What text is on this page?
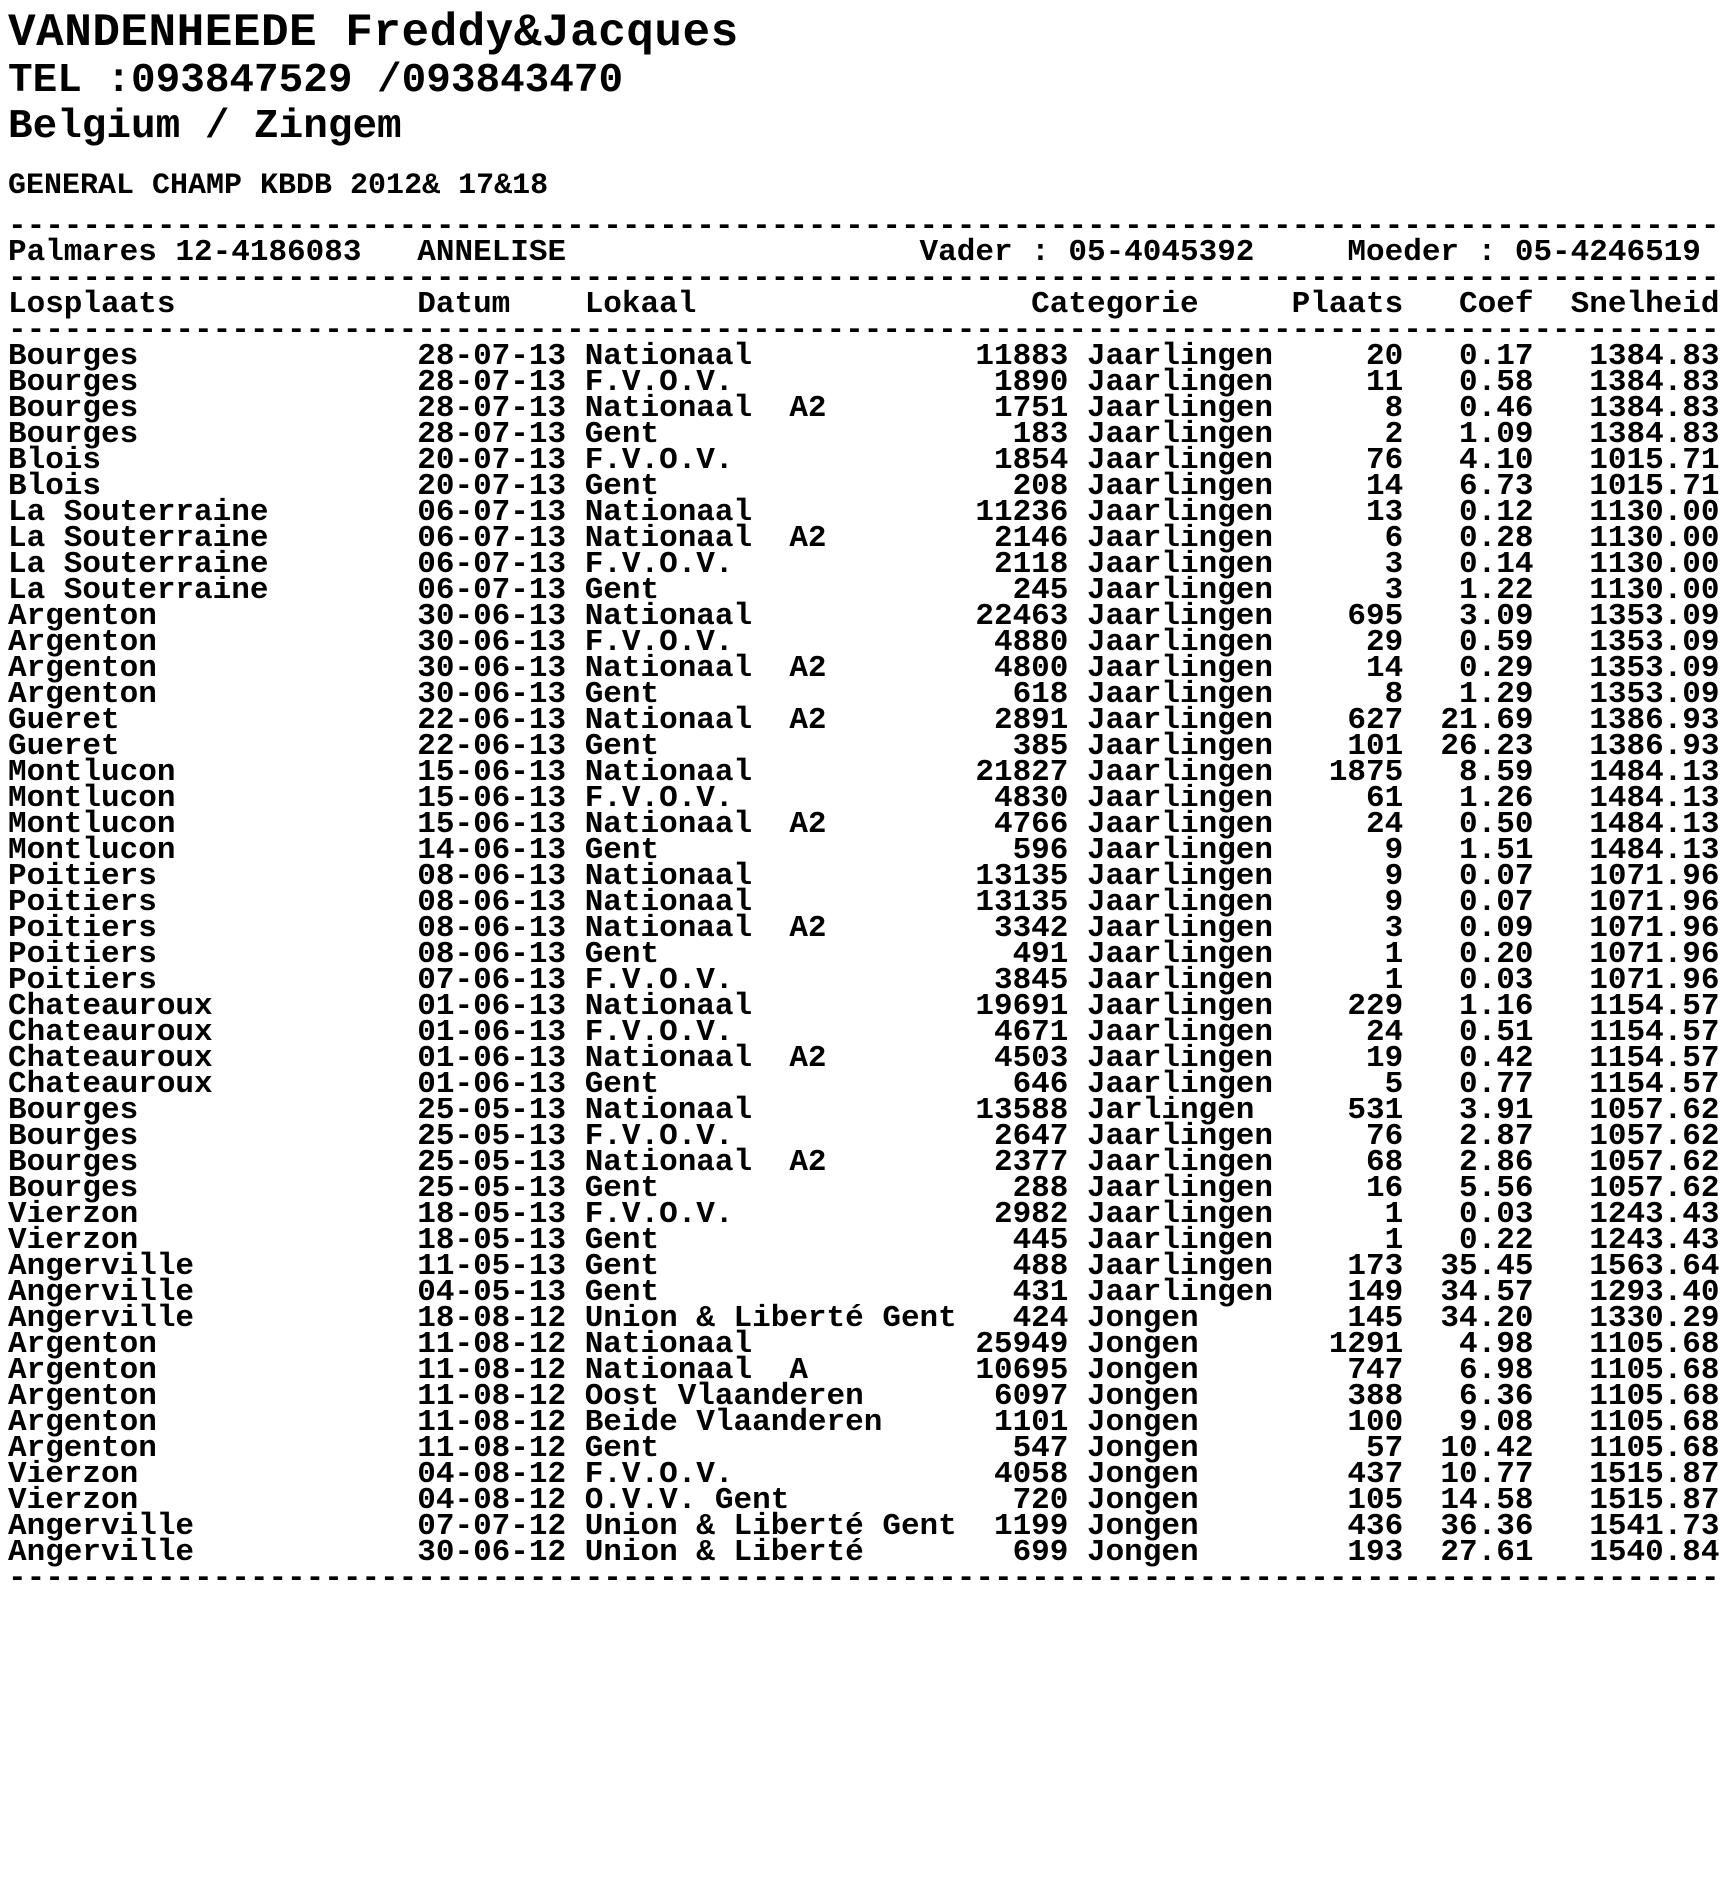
VANDENHEEDE Freddy&Jacques
TEL :093847529 /093843470
Belgium / Zingem
GENERAL CHAMP KBDB 2012& 17&18
--------------------------------------------------------------------------------------------
Palmares 12-4186083   ANNELISE                   Vader : 05-4045392     Moeder : 05-4246519
--------------------------------------------------------------------------------------------
Losplaats             Datum    Lokaal                  Categorie     Plaats   Coef  Snelheid
--------------------------------------------------------------------------------------------
Bourges               28-07-13 Nationaal            11883 Jaarlingen     20   0.17   1384.83
Bourges               28-07-13 F.V.O.V.              1890 Jaarlingen     11   0.58   1384.83
Bourges               28-07-13 Nationaal  A2         1751 Jaarlingen      8   0.46   1384.83
Bourges               28-07-13 Gent                   183 Jaarlingen      2   1.09   1384.83
Blois                 20-07-13 F.V.O.V.              1854 Jaarlingen     76   4.10   1015.71
Blois                 20-07-13 Gent                   208 Jaarlingen     14   6.73   1015.71
La Souterraine        06-07-13 Nationaal            11236 Jaarlingen     13   0.12   1130.00
La Souterraine        06-07-13 Nationaal  A2         2146 Jaarlingen      6   0.28   1130.00
La Souterraine        06-07-13 F.V.O.V.              2118 Jaarlingen      3   0.14   1130.00
La Souterraine        06-07-13 Gent                   245 Jaarlingen      3   1.22   1130.00
Argenton              30-06-13 Nationaal            22463 Jaarlingen    695   3.09   1353.09
Argenton              30-06-13 F.V.O.V.              4880 Jaarlingen     29   0.59   1353.09
Argenton              30-06-13 Nationaal  A2         4800 Jaarlingen     14   0.29   1353.09
Argenton              30-06-13 Gent                   618 Jaarlingen      8   1.29   1353.09
Gueret                22-06-13 Nationaal  A2         2891 Jaarlingen    627  21.69   1386.93
Gueret                22-06-13 Gent                   385 Jaarlingen    101  26.23   1386.93
Montlucon             15-06-13 Nationaal            21827 Jaarlingen   1875   8.59   1484.13
Montlucon             15-06-13 F.V.O.V.              4830 Jaarlingen     61   1.26   1484.13
Montlucon             15-06-13 Nationaal  A2         4766 Jaarlingen     24   0.50   1484.13
Montlucon             14-06-13 Gent                   596 Jaarlingen      9   1.51   1484.13
Poitiers              08-06-13 Nationaal            13135 Jaarlingen      9   0.07   1071.96
Poitiers              08-06-13 Nationaal            13135 Jaarlingen      9   0.07   1071.96
Poitiers              08-06-13 Nationaal  A2         3342 Jaarlingen      3   0.09   1071.96
Poitiers              08-06-13 Gent                   491 Jaarlingen      1   0.20   1071.96
Poitiers              07-06-13 F.V.O.V.              3845 Jaarlingen      1   0.03   1071.96
Chateauroux           01-06-13 Nationaal            19691 Jaarlingen    229   1.16   1154.57
Chateauroux           01-06-13 F.V.O.V.              4671 Jaarlingen     24   0.51   1154.57
Chateauroux           01-06-13 Nationaal  A2         4503 Jaarlingen     19   0.42   1154.57
Chateauroux           01-06-13 Gent                   646 Jaarlingen      5   0.77   1154.57
Bourges               25-05-13 Nationaal            13588 Jarlingen     531   3.91   1057.62
Bourges               25-05-13 F.V.O.V.              2647 Jaarlingen     76   2.87   1057.62
Bourges               25-05-13 Nationaal  A2         2377 Jaarlingen     68   2.86   1057.62
Bourges               25-05-13 Gent                   288 Jaarlingen     16   5.56   1057.62
Vierzon               18-05-13 F.V.O.V.              2982 Jaarlingen      1   0.03   1243.43
Vierzon               18-05-13 Gent                   445 Jaarlingen      1   0.22   1243.43
Angerville            11-05-13 Gent                   488 Jaarlingen    173  35.45   1563.64
Angerville            04-05-13 Gent                   431 Jaarlingen    149  34.57   1293.40
Angerville            18-08-12 Union & Liberté Gent   424 Jongen        145  34.20   1330.29
Argenton              11-08-12 Nationaal            25949 Jongen       1291   4.98   1105.68
Argenton              11-08-12 Nationaal  A         10695 Jongen        747   6.98   1105.68
Argenton              11-08-12 Oost Vlaanderen       6097 Jongen        388   6.36   1105.68
Argenton              11-08-12 Beide Vlaanderen      1101 Jongen        100   9.08   1105.68
Argenton              11-08-12 Gent                   547 Jongen         57  10.42   1105.68
Vierzon               04-08-12 F.V.O.V.              4058 Jongen        437  10.77   1515.87
Vierzon               04-08-12 O.V.V. Gent            720 Jongen        105  14.58   1515.87
Angerville            07-07-12 Union & Liberté Gent  1199 Jongen        436  36.36   1541.73
Angerville            30-06-12 Union & Liberté        699 Jongen        193  27.61   1540.84
--------------------------------------------------------------------------------------------
